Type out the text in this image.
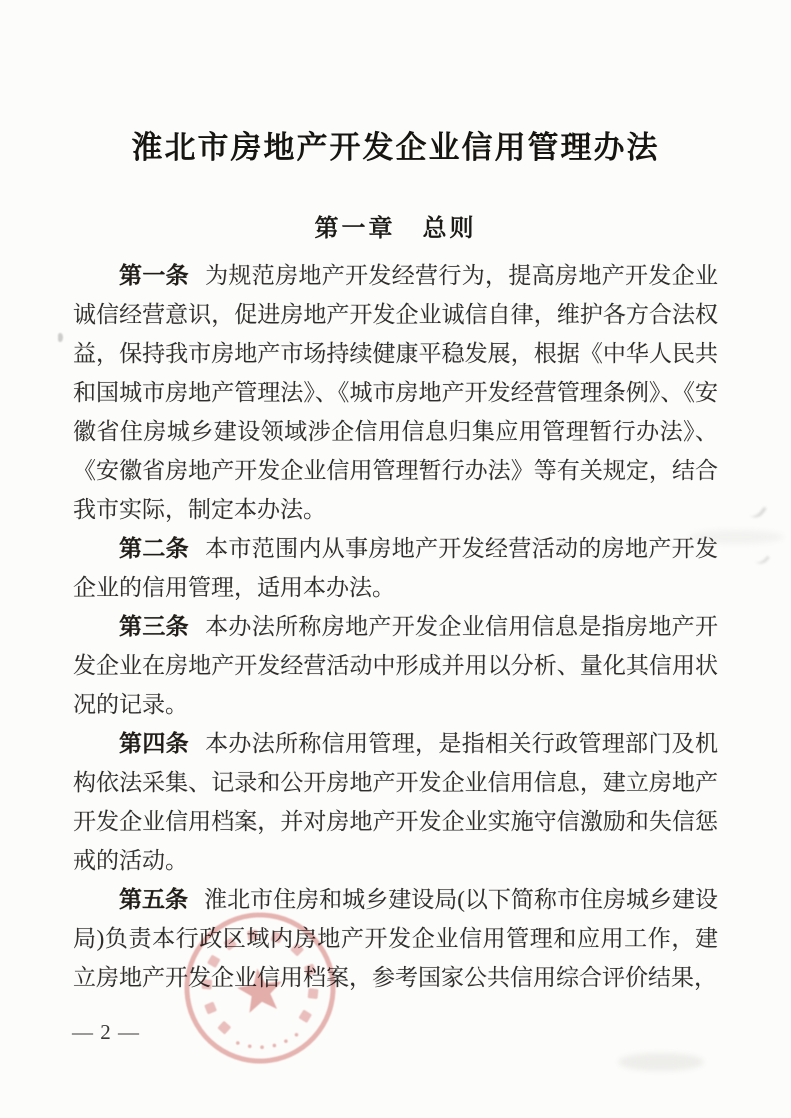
淮北市房地产开发企业信用管理办法
第一章　总则

第一条 为规范房地产开发经营行为，提高房地产开发企业诚信经营意识，促进房地产开发企业诚信自律，维护各方合法权益，保持我市房地产市场持续健康平稳发展，根据《中华人民共和国城市房地产管理法》、《城市房地产开发经营管理条例》、《安徽省住房城乡建设领域涉企信用信息归集应用管理暂行办法》、《安徽省房地产开发企业信用管理暂行办法》等有关规定，结合我市实际，制定本办法。

第二条 本市范围内从事房地产开发经营活动的房地产开发企业的信用管理，适用本办法。

第三条 本办法所称房地产开发企业信用信息是指房地产开发企业在房地产开发经营活动中形成并用以分析、量化其信用状况的记录。

第四条 本办法所称信用管理，是指相关行政管理部门及机构依法采集、记录和公开房地产开发企业信用信息，建立房地产开发企业信用档案，并对房地产开发企业实施守信激励和失信惩戒的活动。

第五条 淮北市住房和城乡建设局(以下简称市住房城乡建设局)负责本行政区域内房地产开发企业信用管理和应用工作，建立房地产开发企业信用档案，参考国家公共信用综合评价结果，

— 2 —
